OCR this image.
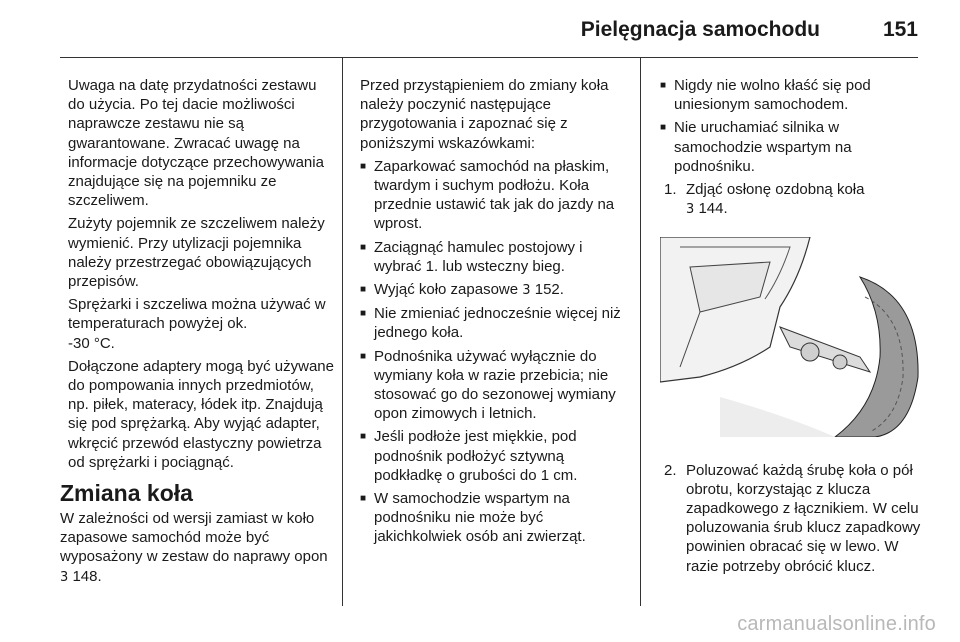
Pielęgnacja samochodu	151

Uwaga na datę przydatności zestawu do użycia. Po tej dacie możliwości naprawcze zestawu nie są gwarantowane. Zwracać uwagę na informacje dotyczące przechowywania znajdujące się na pojemniku ze szczeliwem.

Zużyty pojemnik ze szczeliwem należy wymienić. Przy utylizacji pojemnika należy przestrzegać obowiązujących przepisów.

Sprężarki i szczeliwa można używać w temperaturach powyżej ok.
-30 °C.

Dołączone adaptery mogą być używane do pompowania innych przedmiotów, np. piłek, materacy, łódek itp. Znajdują się pod sprężarką. Aby wyjąć adapter, wkręcić przewód elastyczny powietrza od sprężarki i pociągnąć.

Zmiana koła

W zależności od wersji zamiast w koło zapasowe samochód może być wyposażony w zestaw do naprawy opon 3 148.

Przed przystąpieniem do zmiany koła należy poczynić następujące przygotowania i zapoznać się z poniższymi wskazówkami:

■ Zaparkować samochód na płaskim, twardym i suchym podłożu. Koła przednie ustawić tak jak do jazdy na wprost.
■ Zaciągnąć hamulec postojowy i wybrać 1. lub wsteczny bieg.
■ Wyjąć koło zapasowe 3 152.
■ Nie zmieniać jednocześnie więcej niż jednego koła.
■ Podnośnika używać wyłącznie do wymiany koła w razie przebicia; nie stosować go do sezonowej wymiany opon zimowych i letnich.
■ Jeśli podłoże jest miękkie, pod podnośnik podłożyć sztywną podkładkę o grubości do 1 cm.
■ W samochodzie wspartym na podnośniku nie może być jakichkolwiek osób ani zwierząt.
■ Nigdy nie wolno kłaść się pod uniesionym samochodem.
■ Nie uruchamiać silnika w samochodzie wspartym na podnośniku.
1. Zdjąć osłonę ozdobną koła
3 144.
2. Poluzować każdą śrubę koła o pół obrotu, korzystając z klucza zapadkowego z łącznikiem. W celu poluzowania śrub klucz zapadkowy powinien obracać się w lewo. W razie potrzeby obrócić klucz.
carmanualsonline.info
